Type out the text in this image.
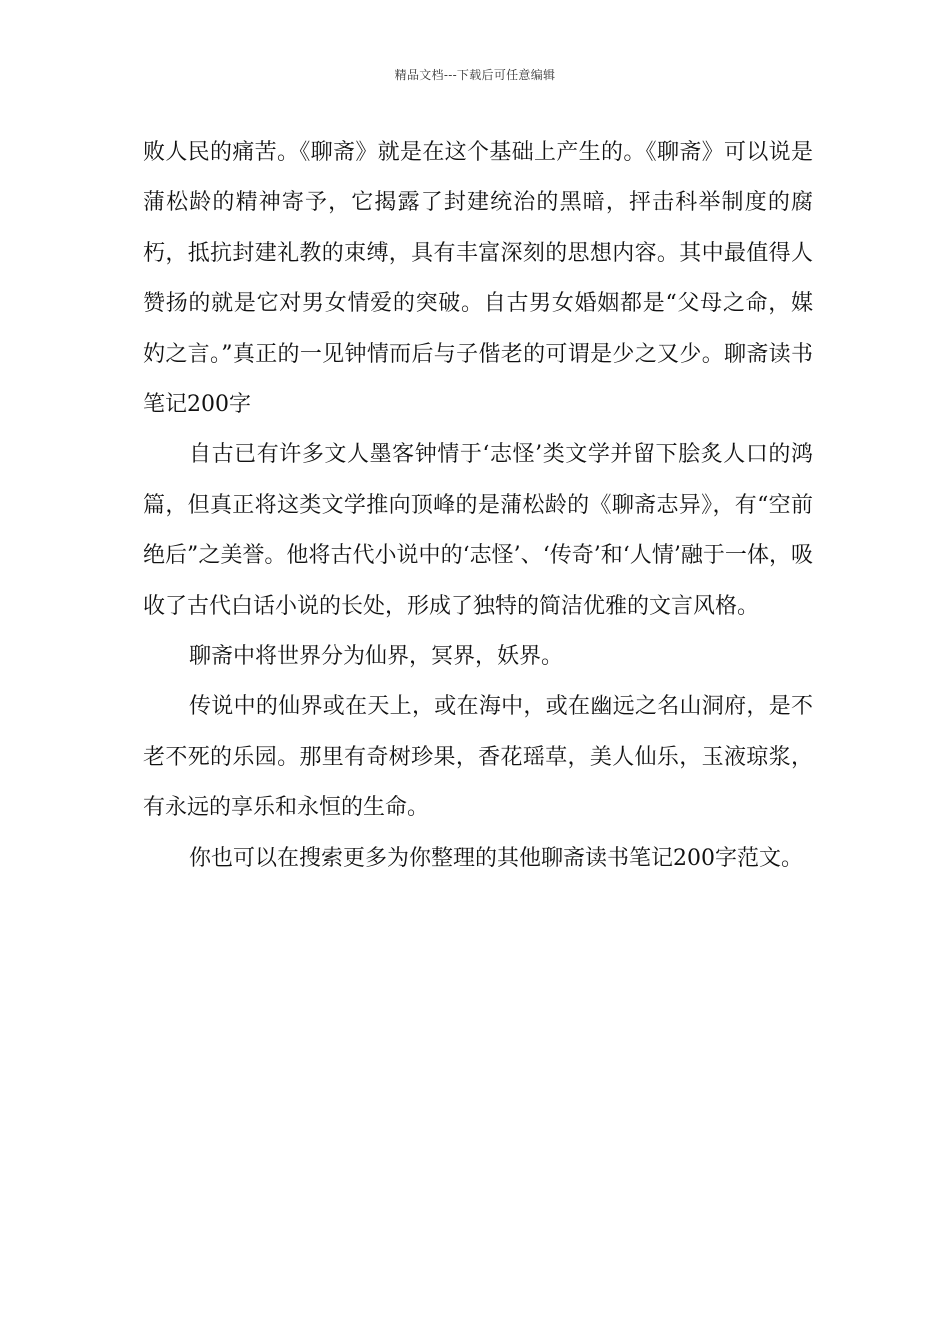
精品文档---下载后可任意编辑

败人民的痛苦。《聊斋》就是在这个基础上产生的。《聊斋》可以说是蒲松龄的精神寄予，它揭露了封建统治的黑暗，抨击科举制度的腐朽，抵抗封建礼教的束缚，具有丰富深刻的思想内容。其中最值得人赞扬的就是它对男女情爱的突破。自古男女婚姻都是“父母之命，媒妁之言。”真正的一见钟情而后与子偕老的可谓是少之又少。聊斋读书笔记200字

自古已有许多文人墨客钟情于‘志怪’类文学并留下脍炙人口的鸿篇，但真正将这类文学推向顶峰的是蒲松龄的《聊斋志异》，有“空前绝后”之美誉。他将古代小说中的‘志怪’、‘传奇’和‘人情’融于一体，吸收了古代白话小说的长处，形成了独特的简洁优雅的文言风格。

聊斋中将世界分为仙界，冥界，妖界。

传说中的仙界或在天上，或在海中，或在幽远之名山洞府，是不老不死的乐园。那里有奇树珍果，香花瑶草，美人仙乐，玉液琼浆，有永远的享乐和永恒的生命。

你也可以在搜索更多为你整理的其他聊斋读书笔记200字范文。
